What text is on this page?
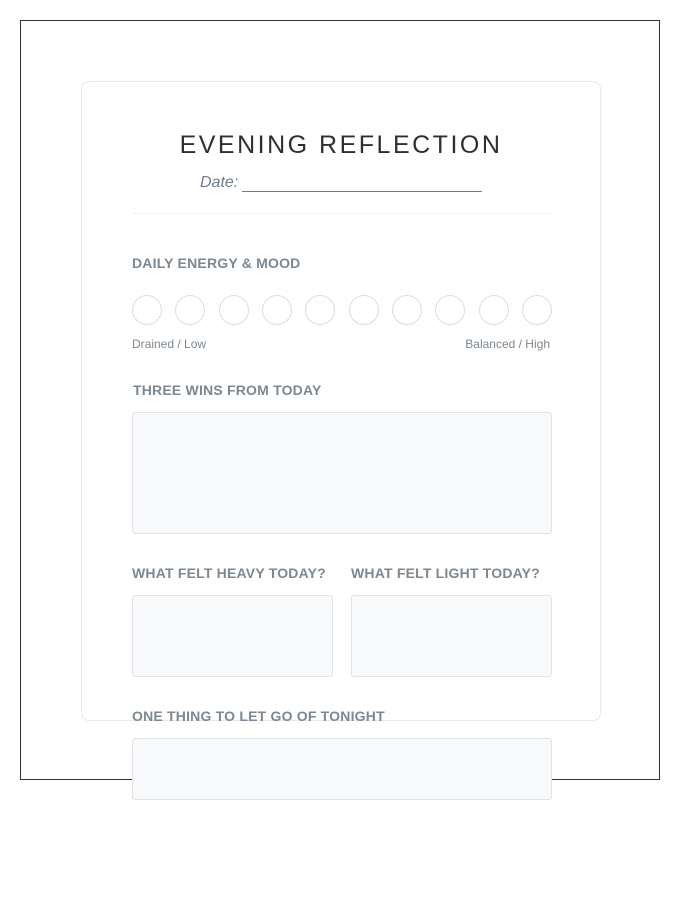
EVENING REFLECTION
Date:
DAILY ENERGY & MOOD
Drained / Low	Balanced / High
THREE WINS FROM TODAY
WHAT FELT HEAVY TODAY? WHAT FELT LIGHT TODAY?
ONE THING TO LET GO OF TONIGHT
